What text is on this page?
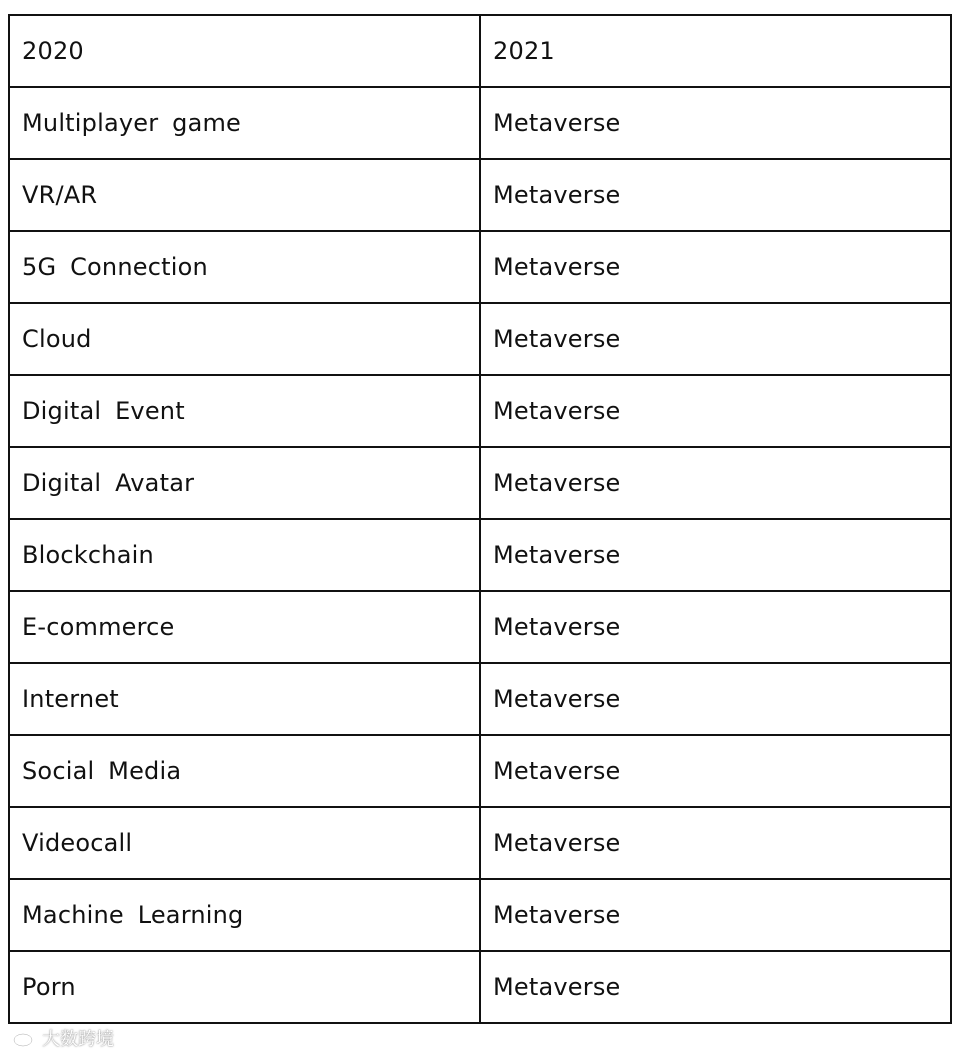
2020	2021
Multiplayer game	Metaverse
VR/AR	Metaverse
5G Connection	Metaverse
Cloud	Metaverse
Digital Event	Metaverse
Digital Avatar	Metaverse
Blockchain	Metaverse
E-commerce	Metaverse
Internet	Metaverse
Social Media	Metaverse
Videocall	Metaverse
Machine Learning	Metaverse
Porn	Metaverse
大数跨境
